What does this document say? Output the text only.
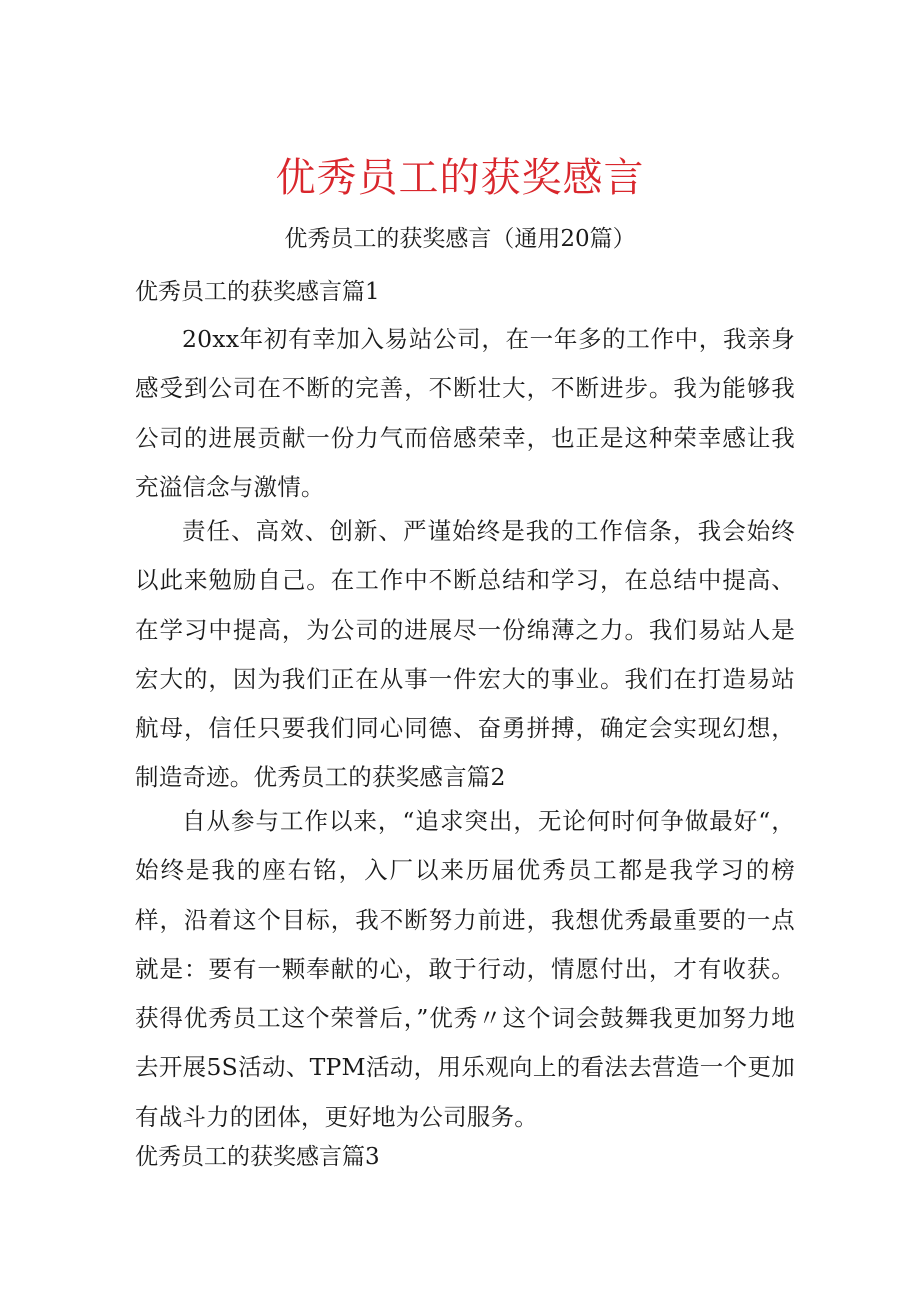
优秀员工的获奖感言
优秀员工的获奖感言（通用20篇）
优秀员工的获奖感言篇1
20xx年初有幸加入易站公司，在一年多的工作中，我亲身感受到公司在不断的完善，不断壮大，不断进步。我为能够我公司的进展贡献一份力气而倍感荣幸，也正是这种荣幸感让我充溢信念与激情。
责任、高效、创新、严谨始终是我的工作信条，我会始终以此来勉励自己。在工作中不断总结和学习，在总结中提高、在学习中提高，为公司的进展尽一份绵薄之力。我们易站人是宏大的，因为我们正在从事一件宏大的事业。我们在打造易站航母，信任只要我们同心同德、奋勇拼搏，确定会实现幻想，制造奇迹。优秀员工的获奖感言篇2
自从参与工作以来，“追求突出，无论何时何争做最好“，始终是我的座右铭，入厂以来历届优秀员工都是我学习的榜样，沿着这个目标，我不断努力前进，我想优秀最重要的一点就是：要有一颗奉献的心，敢于行动，情愿付出，才有收获。获得优秀员工这个荣誉后，”优秀〃这个词会鼓舞我更加努力地去开展5S活动、TPM活动，用乐观向上的看法去营造一个更加有战斗力的团体，更好地为公司服务。
优秀员工的获奖感言篇3
